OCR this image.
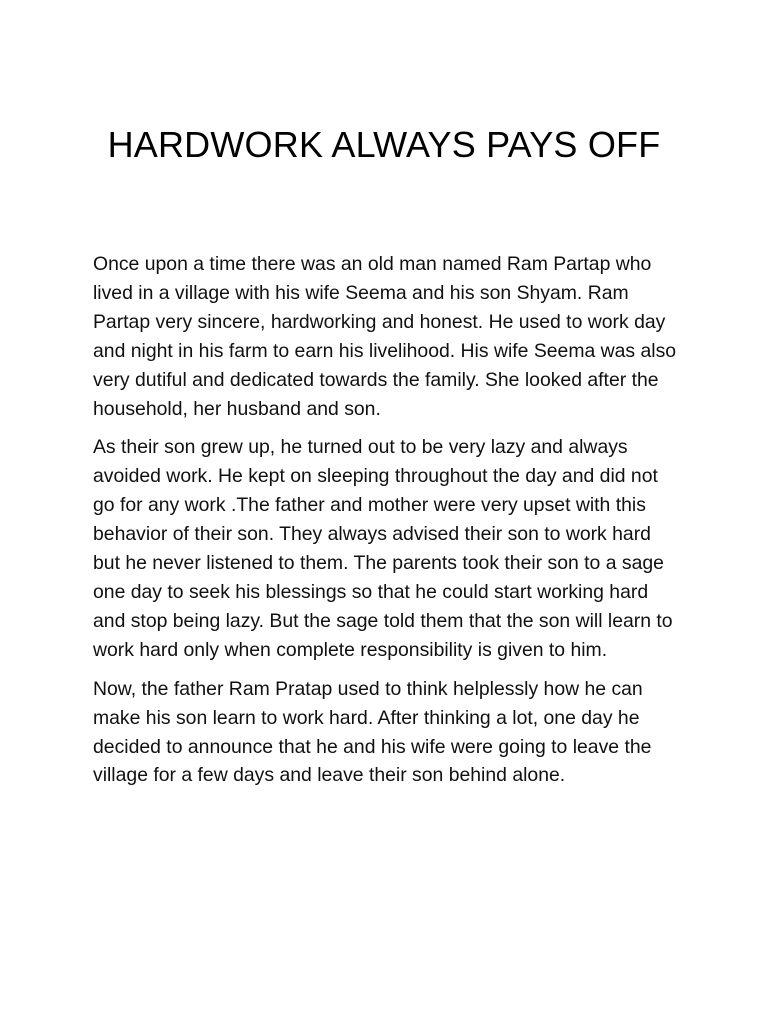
HARDWORK ALWAYS PAYS OFF

Once upon a time there was an old man named Ram Partap who lived in a village with his wife Seema and his son Shyam. Ram Partap very sincere, hardworking and honest. He used to work day and night in his farm to earn his livelihood. His wife Seema was also very dutiful and dedicated towards the family. She looked after the household, her husband and son.

As their son grew up, he turned out to be very lazy and always avoided work. He kept on sleeping throughout the day and did not go for any work .The father and mother were very upset with this behavior of their son. They always advised their son to work hard but he never listened to them. The parents took their son to a sage one day to seek his blessings so that he could start working hard and stop being lazy. But the sage told them that the son will learn to work hard only when complete responsibility is given to him.

Now, the father Ram Pratap used to think helplessly how he can make his son learn to work hard. After thinking a lot, one day he decided to announce that he and his wife were going to leave the village for a few days and leave their son behind alone.
